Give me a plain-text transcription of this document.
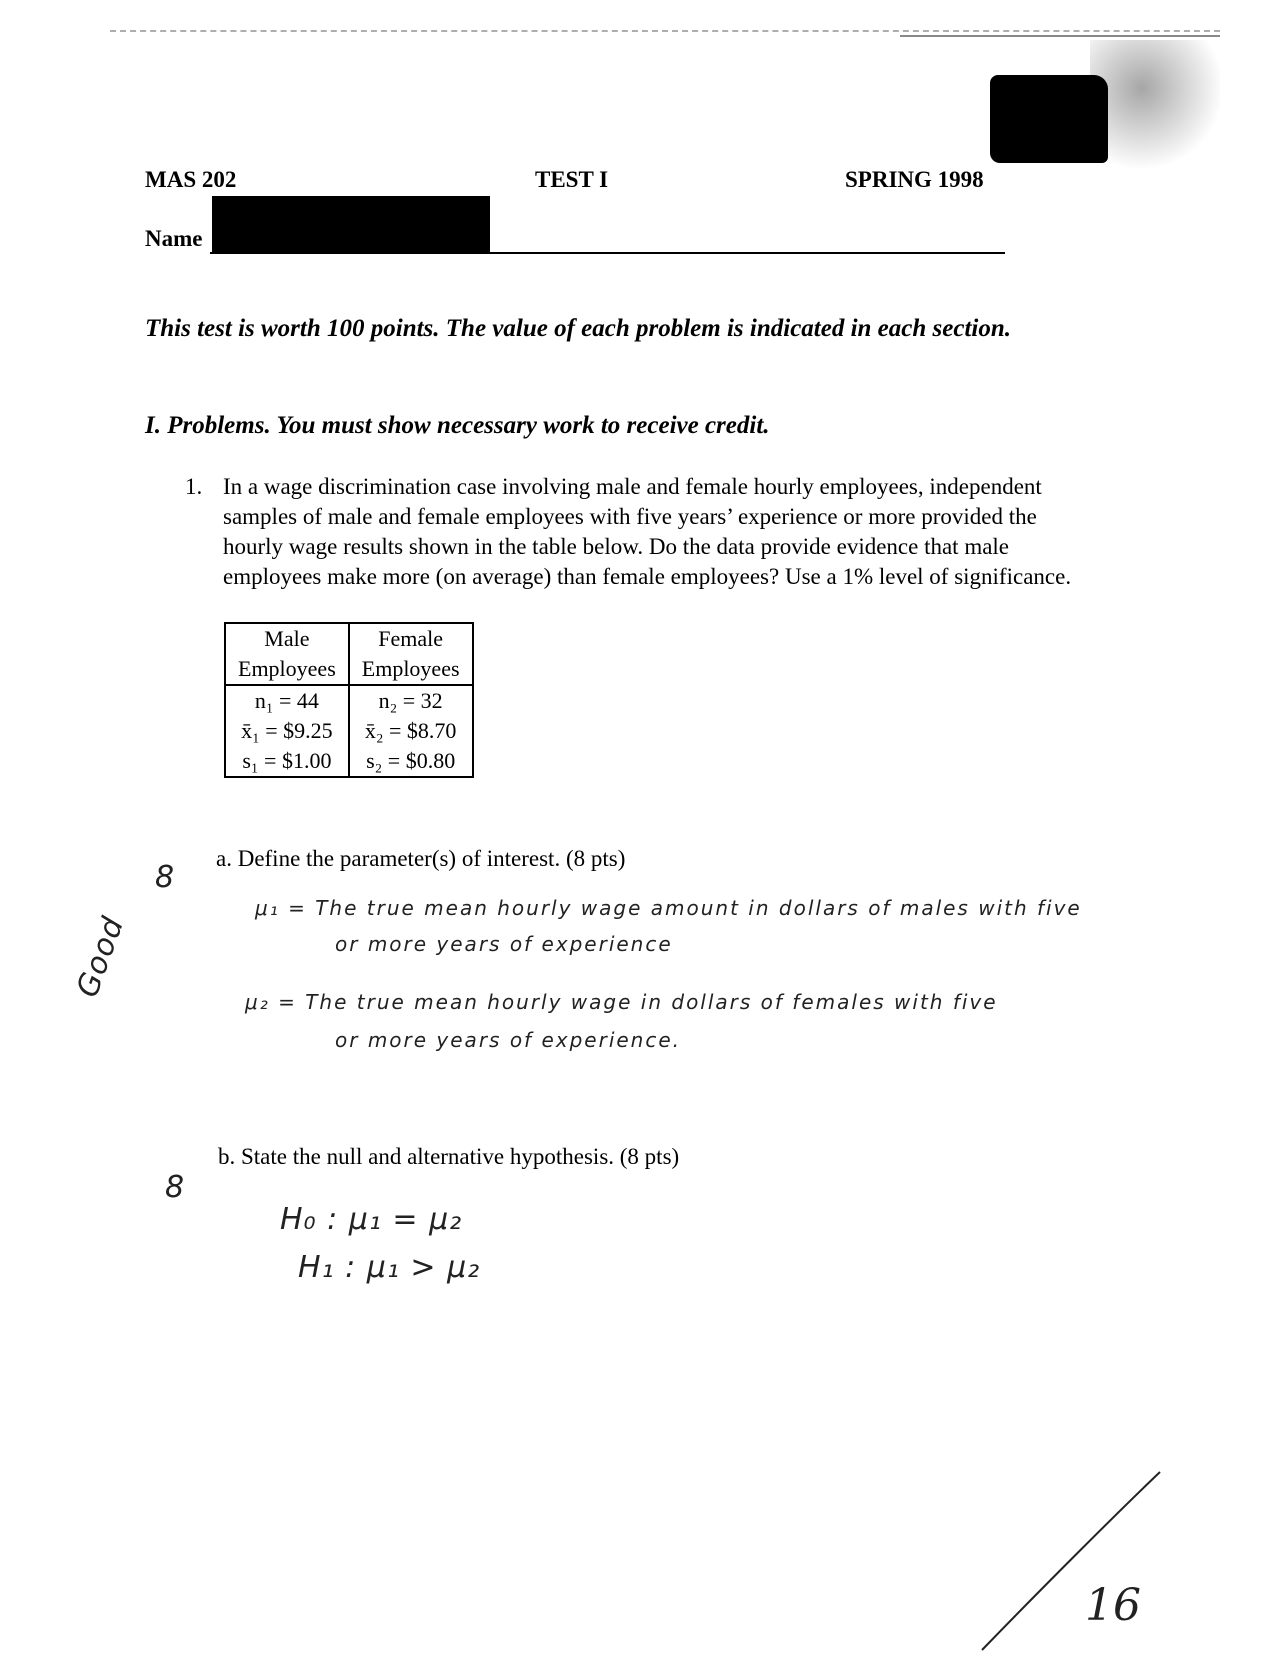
MAS 202	TEST I	SPRING 1998
Name
This test is worth 100 points. The value of each problem is indicated in each section.
I. Problems. You must show necessary work to receive credit.
1. In a wage discrimination case involving male and female hourly employees, independent samples of male and female employees with five years’ experience or more provided the hourly wage results shown in the table below. Do the data provide evidence that male employees make more (on average) than female employees? Use a 1% level of significance.
Male	Female
Employees	Employees
n₁ = 44	n₂ = 32
x̄₁ = $9.25	x̄₂ = $8.70
s₁ = $1.00	s₂ = $0.80
a. Define the parameter(s) of interest. (8 pts)
8
Good
μ₁ = The true mean hourly wage amount in dollars of males with five
or more years of experience
μ₂ = The true mean hourly wage in dollars of females with five
or more years of experience.
b. State the null and alternative hypothesis. (8 pts)
8
H₀ : μ₁ = μ₂
H₁ : μ₁ > μ₂
16
